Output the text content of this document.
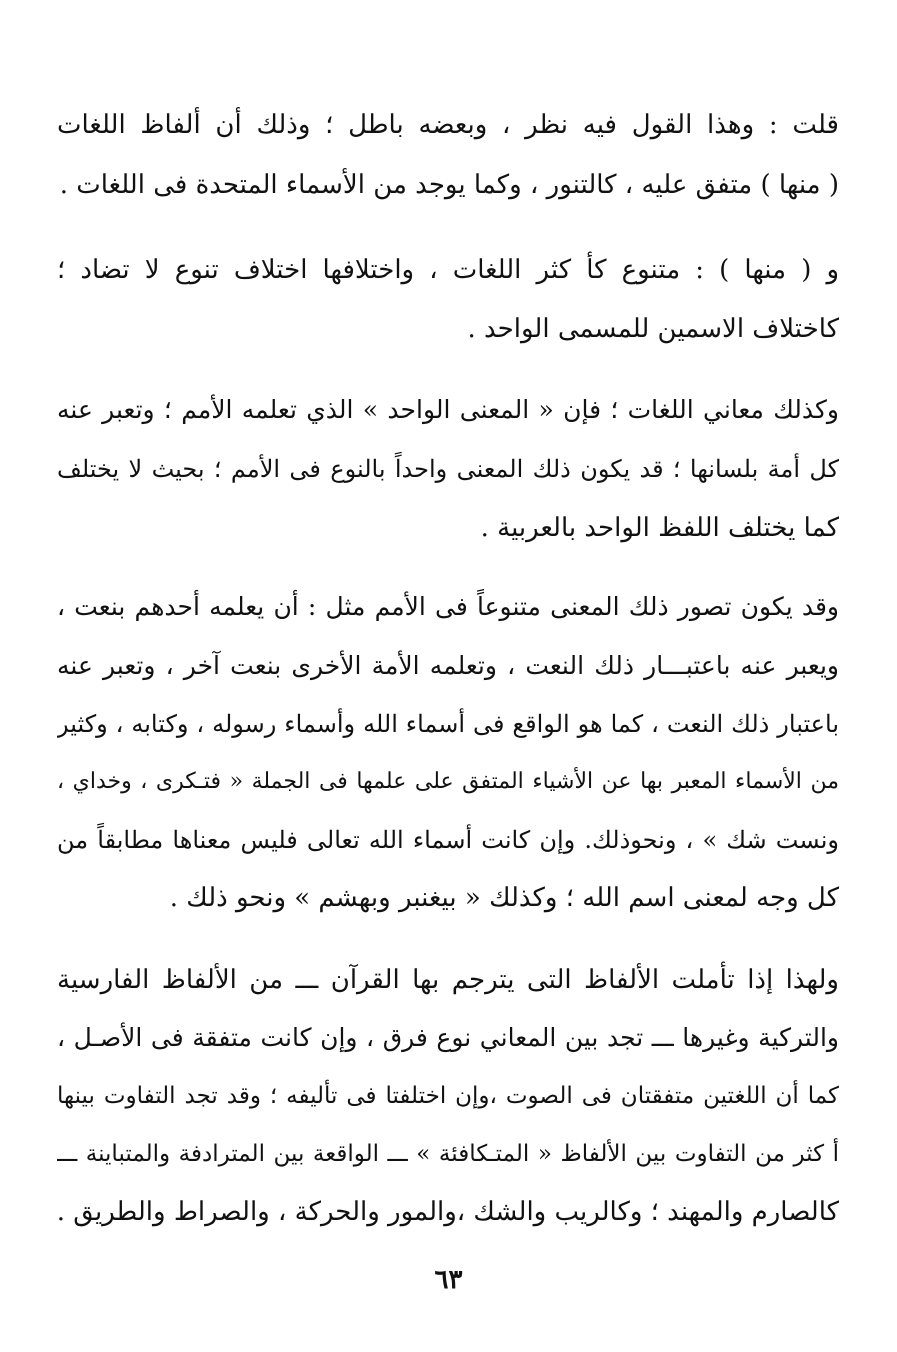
قلت : وهذا القول فيه نظر ، وبعضه باطل ؛ وذلك أن ألفاظ اللغات
( منها ) متفق عليه ، كالتنور ، وكما يوجد من الأسماء المتحدة فى اللغات .
و ( منها ) : متنوع كأ كثر اللغات ، واختلافها اختلاف تنوع لا تضاد ؛
كاختلاف الاسمين للمسمى الواحد .
وكذلك معاني اللغات ؛ فإن « المعنى الواحد » الذي تعلمه الأمم ؛ وتعبر عنه
كل أمة بلسانها ؛ قد يكون ذلك المعنى واحداً بالنوع فى الأمم ؛ بحيث لا يختلف
كما يختلف اللفظ الواحد بالعربية .
وقد يكون تصور ذلك المعنى متنوعاً فى الأمم مثل : أن يعلمه أحدهم بنعت ،
ويعبر عنه باعتبـــار ذلك النعت ، وتعلمه الأمة الأخرى بنعت آخر ، وتعبر عنه
باعتبار ذلك النعت ، كما هو الواقع فى أسماء الله وأسماء رسوله ، وكتابه ، وكثير
من الأسماء المعبر بها عن الأشياء المتفق على علمها فى الجملة « فتـكرى ، وخداي ،
ونست شك » ، ونحوذلك. وإن كانت أسماء الله تعالى فليس معناها مطابقاً من
كل وجه لمعنى اسم الله ؛ وكذلك « بيغنبر وبهشم » ونحو ذلك .
ولهذا إذا تأملت الألفاظ التى يترجم بها القرآن ـــ من الألفاظ الفارسية
والتركية وغيرها ـــ تجد بين المعاني نوع فرق ، وإن كانت متفقة فى الأصـل ،
كما أن اللغتين متفقتان فى الصوت ،وإن اختلفتا فى تأليفه ؛ وقد تجد التفاوت بينها
أ كثر من التفاوت بين الألفاظ « المتـكافئة » ـــ الواقعة بين المترادفة والمتباينة ـــ
كالصارم والمهند ؛ وكالريب والشك ،والمور والحركة ، والصراط والطريق .
٦٣
